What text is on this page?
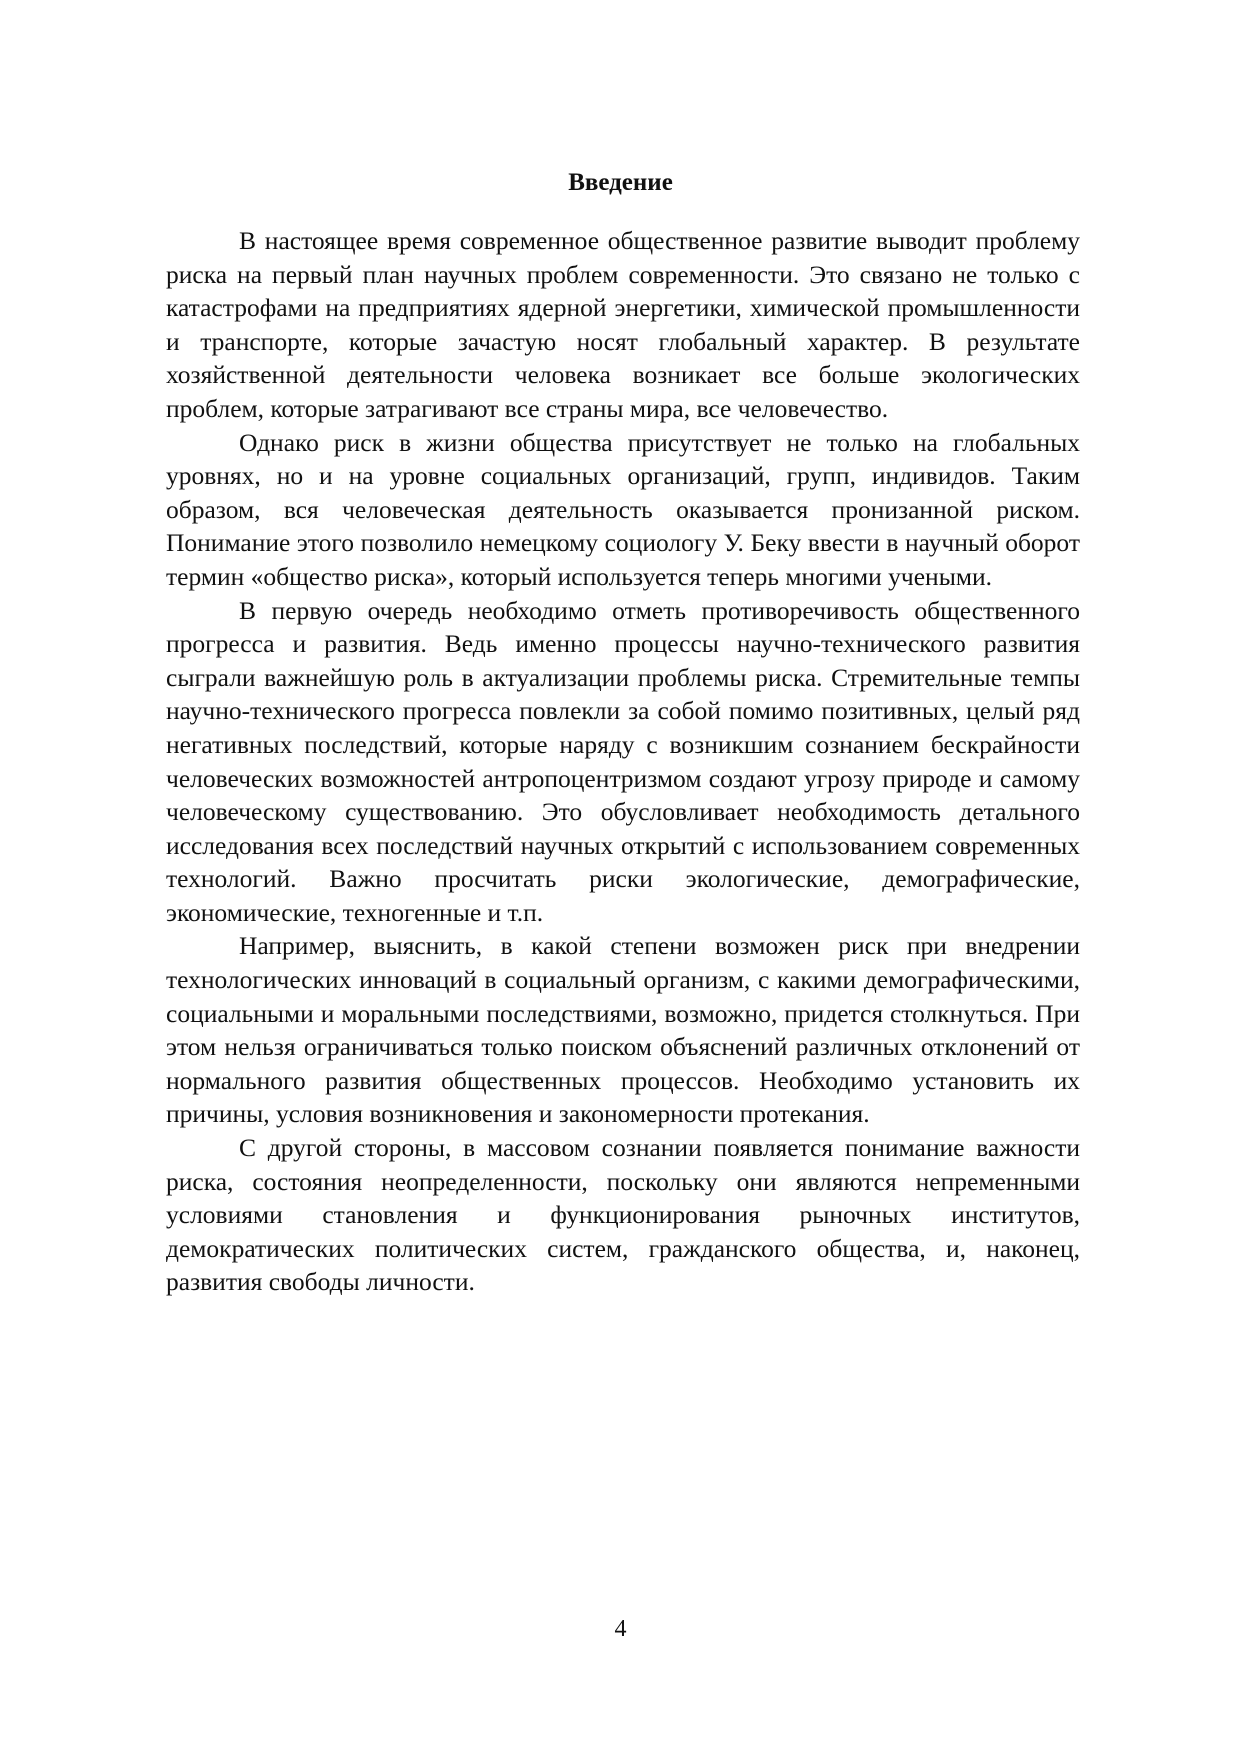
Введение

В настоящее время современное общественное развитие выводит проблему риска на первый план научных проблем современности. Это связано не только с катастрофами на предприятиях ядерной энергетики, химической промышленности и транспорте, которые зачастую носят глобальный характер. В результате хозяйственной деятельности человека возникает все больше экологических проблем, которые затрагивают все страны мира, все человечество.

Однако риск в жизни общества присутствует не только на глобальных уровнях, но и на уровне социальных организаций, групп, индивидов. Таким образом, вся человеческая деятельность оказывается пронизанной риском. Понимание этого позволило немецкому социологу У. Беку ввести в научный оборот термин «общество риска», который используется теперь многими учеными.

В первую очередь необходимо отметь противоречивость общественного прогресса и развития. Ведь именно процессы научно-технического развития сыграли важнейшую роль в актуализации проблемы риска. Стремительные темпы научно-технического прогресса повлекли за собой помимо позитивных, целый ряд негативных последствий, которые наряду с возникшим сознанием бескрайности человеческих возможностей антропоцентризмом создают угрозу природе и самому человеческому существованию. Это обусловливает необходимость детального исследования всех последствий научных открытий с использованием современных технологий. Важно просчитать риски экологические, демографические, экономические, техногенные и т.п.

Например, выяснить, в какой степени возможен риск при внедрении технологических инноваций в социальный организм, с какими демографическими, социальными и моральными последствиями, возможно, придется столкнуться. При этом нельзя ограничиваться только поиском объяснений различных отклонений от нормального развития общественных процессов. Необходимо установить их причины, условия возникновения и закономерности протекания.

С другой стороны, в массовом сознании появляется понимание важности риска, состояния неопределенности, поскольку они являются непременными условиями становления и функционирования рыночных институтов, демократических политических систем, гражданского общества, и, наконец, развития свободы личности.

4
